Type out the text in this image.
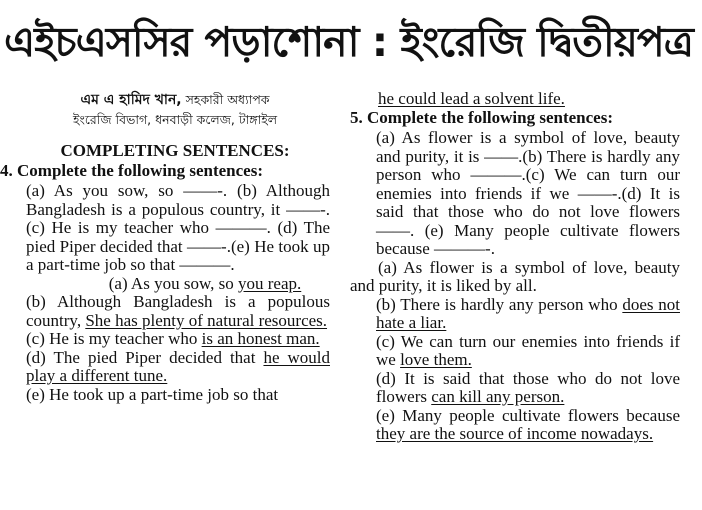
এইচএসসির পড়াশোনা : ইংরেজি দ্বিতীয়পত্র
এম এ হামিদ খান, সহকারী অধ্যাপক
ইংরেজি বিভাগ, ধনবাড়ী কলেজ, টাঙ্গাইল
COMPLETING SENTENCES:
4. Complete the following sentences:
(a) As you sow, so ——-. (b) Although Bangladesh is a populous country, it ——-. (c) He is my teacher who ———. (d) The pied Piper decided that ——-.(e) He took up a part-time job so that ———.
(a) As you sow, so you reap.
(b) Although Bangladesh is a populous country, She has plenty of natural resources.
(c) He is my teacher who is an honest man.
(d) The pied Piper decided that he would play a different tune.
(e) He took up a part-time job so that
he could lead a solvent life.
5. Complete the following sentences:
(a) As flower is a symbol of love, beauty and purity, it is ——.(b) There is hardly any person who ———.(c) We can turn our enemies into friends if we ——-.(d) It is said that those who do not love flowers ——. (e) Many people cultivate flowers because ———-.
(a) As flower is a symbol of love, beauty and purity, it is liked by all.
(b) There is hardly any person who does not hate a liar.
(c) We can turn our enemies into friends if we love them.
(d) It is said that those who do not love flowers can kill any person.
(e) Many people cultivate flowers because they are the source of income nowadays.
